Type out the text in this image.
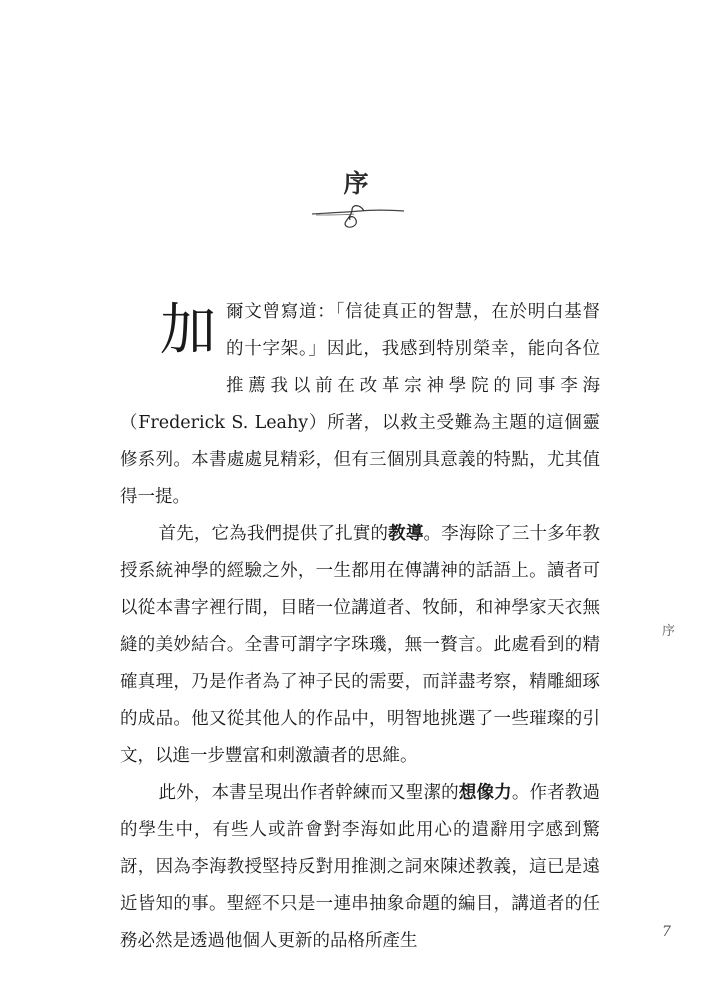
序

加爾文曾寫道：「信徒真正的智慧，在於明白基督的十字架。」因此，我感到特別榮幸，能向各位推薦我以前在改革宗神學院的同事李海（Frederick S. Leahy）所著，以救主受難為主題的這個靈修系列。本書處處見精彩，但有三個別具意義的特點，尤其值得一提。

首先，它為我們提供了扎實的教導。李海除了三十多年教授系統神學的經驗之外，一生都用在傳講神的話語上。讀者可以從本書字裡行間，目睹一位講道者、牧師，和神學家天衣無縫的美妙結合。全書可謂字字珠璣，無一贅言。此處看到的精確真理，乃是作者為了神子民的需要，而詳盡考察，精雕細琢的成品。他又從其他人的作品中，明智地挑選了一些璀璨的引文，以進一步豐富和刺激讀者的思維。

此外，本書呈現出作者幹練而又聖潔的想像力。作者教過的學生中，有些人或許會對李海如此用心的遣辭用字感到驚訝，因為李海教授堅持反對用推測之詞來陳述教義，這已是遠近皆知的事。聖經不只是一連串抽象命題的編目，講道者的任務必然是透過他個人更新的品格所產生

序
7
